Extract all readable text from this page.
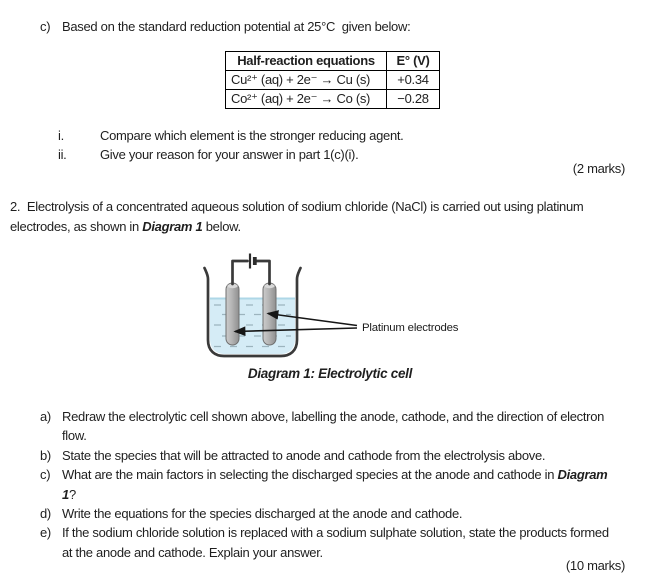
c) Based on the standard reduction potential at 25°C  given below:
Half-reaction equations	E° (V)
Cu²⁺ (aq) + 2e⁻ → Cu (s)	+0.34
Co²⁺ (aq) + 2e⁻ → Co (s)	−0.28
i.	Compare which element is the stronger reducing agent.
ii.	Give your reason for your answer in part 1(c)(i).
(2 marks)
2.  Electrolysis of a concentrated aqueous solution of sodium chloride (NaCl) is carried out using platinum electrodes, as shown in Diagram 1 below.
Platinum electrodes
Diagram 1: Electrolytic cell
a) Redraw the electrolytic cell shown above, labelling the anode, cathode, and the direction of electron flow.
b) State the species that will be attracted to anode and cathode from the electrolysis above.
c) What are the main factors in selecting the discharged species at the anode and cathode in Diagram 1?
d) Write the equations for the species discharged at the anode and cathode.
e) If the sodium chloride solution is replaced with a sodium sulphate solution, state the products formed at the anode and cathode. Explain your answer.
(10 marks)
